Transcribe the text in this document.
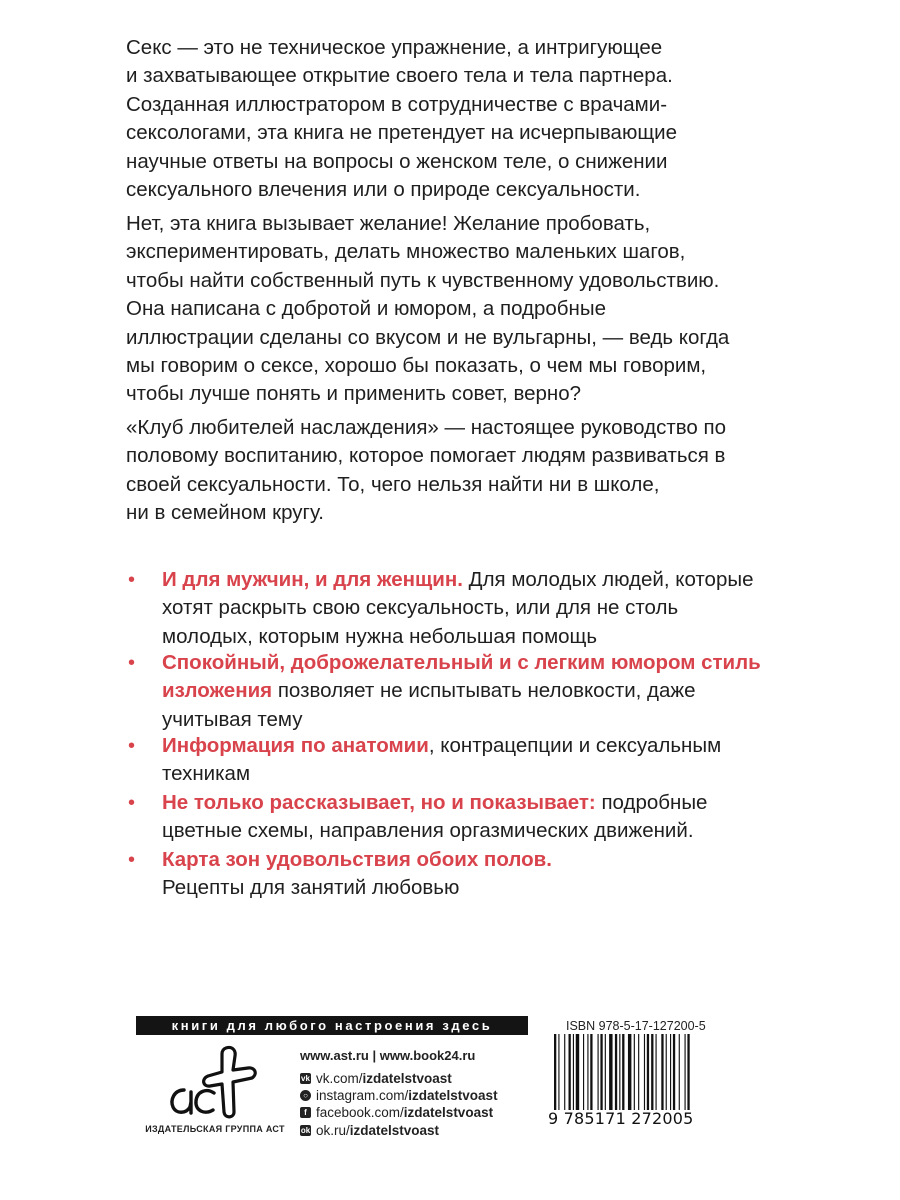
Секс — это не техническое упражнение, а интригующее
и захватывающее открытие своего тела и тела партнера.
Созданная иллюстратором в сотрудничестве с врачами-
сексологами, эта книга не претендует на исчерпывающие
научные ответы на вопросы о женском теле, о снижении
сексуального влечения или о природе сексуальности.

Нет, эта книга вызывает желание! Желание пробовать,
экспериментировать, делать множество маленьких шагов,
чтобы найти собственный путь к чувственному удовольствию.
Она написана с добротой и юмором, а подробные
иллюстрации сделаны со вкусом и не вульгарны, — ведь когда
мы говорим о сексе, хорошо бы показать, о чем мы говорим,
чтобы лучше понять и применить совет, верно?

«Клуб любителей наслаждения» — настоящее руководство по
половому воспитанию, которое помогает людям развиваться в
своей сексуальности. То, чего нельзя найти ни в школе,
ни в семейном кругу.

• И для мужчин, и для женщин. Для молодых людей, которые
хотят раскрыть свою сексуальность, или для не столь
молодых, которым нужна небольшая помощь
• Спокойный, доброжелательный и с легким юмором стиль
изложения позволяет не испытывать неловкости, даже
учитывая тему
• Информация по анатомии, контрацепции и сексуальным
техникам
• Не только рассказывает, но и показывает: подробные
цветные схемы, направления оргазмических движений.
• Карта зон удовольствия обоих полов.
Рецепты для занятий любовью
книги для любого настроения здесь
ИЗДАТЕЛЬСКАЯ ГРУППА АСТ
www.ast.ru | www.book24.ru
vk vk.com/ izdatelstvoast
○ instagram.com/ izdatelstvoast
f facebook.com/ izdatelstvoast
ok ok.ru/ izdatelstvoast
ISBN 978-5-17-127200-5
9 785171 272005
